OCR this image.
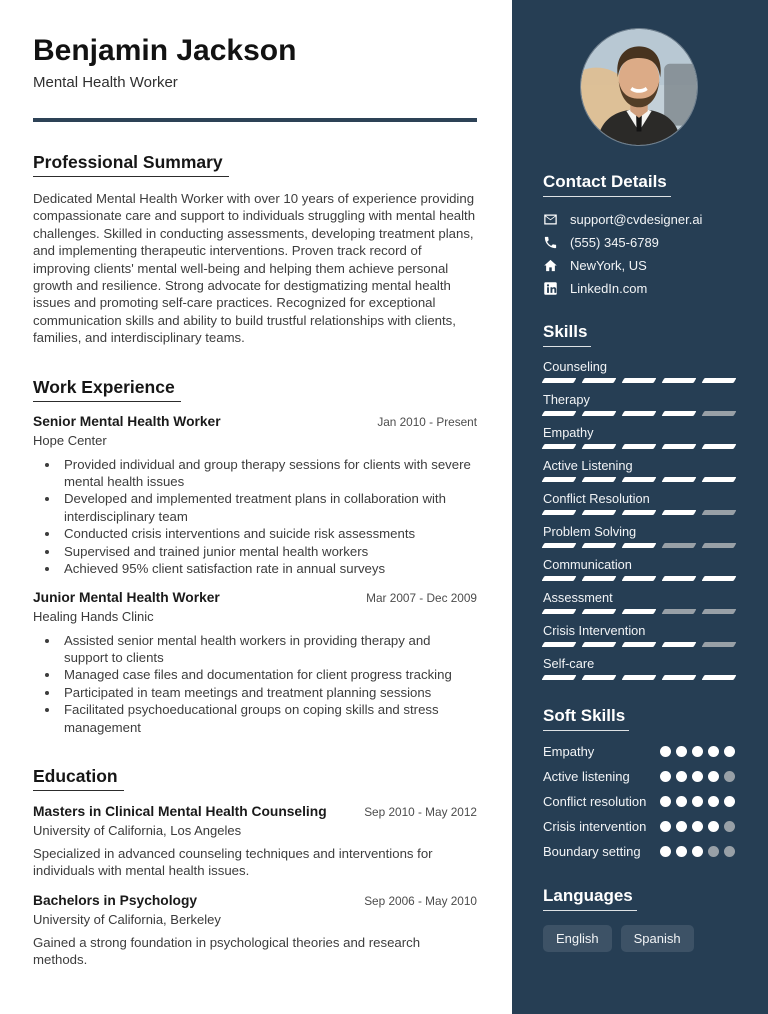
Benjamin Jackson
Mental Health Worker
Professional Summary
Dedicated Mental Health Worker with over 10 years of experience providing compassionate care and support to individuals struggling with mental health challenges. Skilled in conducting assessments, developing treatment plans, and implementing therapeutic interventions. Proven track record of improving clients' mental well-being and helping them achieve personal growth and resilience. Strong advocate for destigmatizing mental health issues and promoting self-care practices. Recognized for exceptional communication skills and ability to build trustful relationships with clients, families, and interdisciplinary teams.
Work Experience
Senior Mental Health Worker	Jan 2010 - Present
Hope Center
• Provided individual and group therapy sessions for clients with severe mental health issues
• Developed and implemented treatment plans in collaboration with interdisciplinary team
• Conducted crisis interventions and suicide risk assessments
• Supervised and trained junior mental health workers
• Achieved 95% client satisfaction rate in annual surveys
Junior Mental Health Worker	Mar 2007 - Dec 2009
Healing Hands Clinic
• Assisted senior mental health workers in providing therapy and support to clients
• Managed case files and documentation for client progress tracking
• Participated in team meetings and treatment planning sessions
• Facilitated psychoeducational groups on coping skills and stress management
Education
Masters in Clinical Mental Health Counseling	Sep 2010 - May 2012
University of California, Los Angeles
Specialized in advanced counseling techniques and interventions for individuals with mental health issues.
Bachelors in Psychology	Sep 2006 - May 2010
University of California, Berkeley
Gained a strong foundation in psychological theories and research methods.
Contact Details
support@cvdesigner.ai
(555) 345-6789
NewYork, US
LinkedIn.com
Skills
Counseling
Therapy
Empathy
Active Listening
Conflict Resolution
Problem Solving
Communication
Assessment
Crisis Intervention
Self-care
Soft Skills
Empathy
Active listening
Conflict resolution
Crisis intervention
Boundary setting
Languages
English	Spanish
